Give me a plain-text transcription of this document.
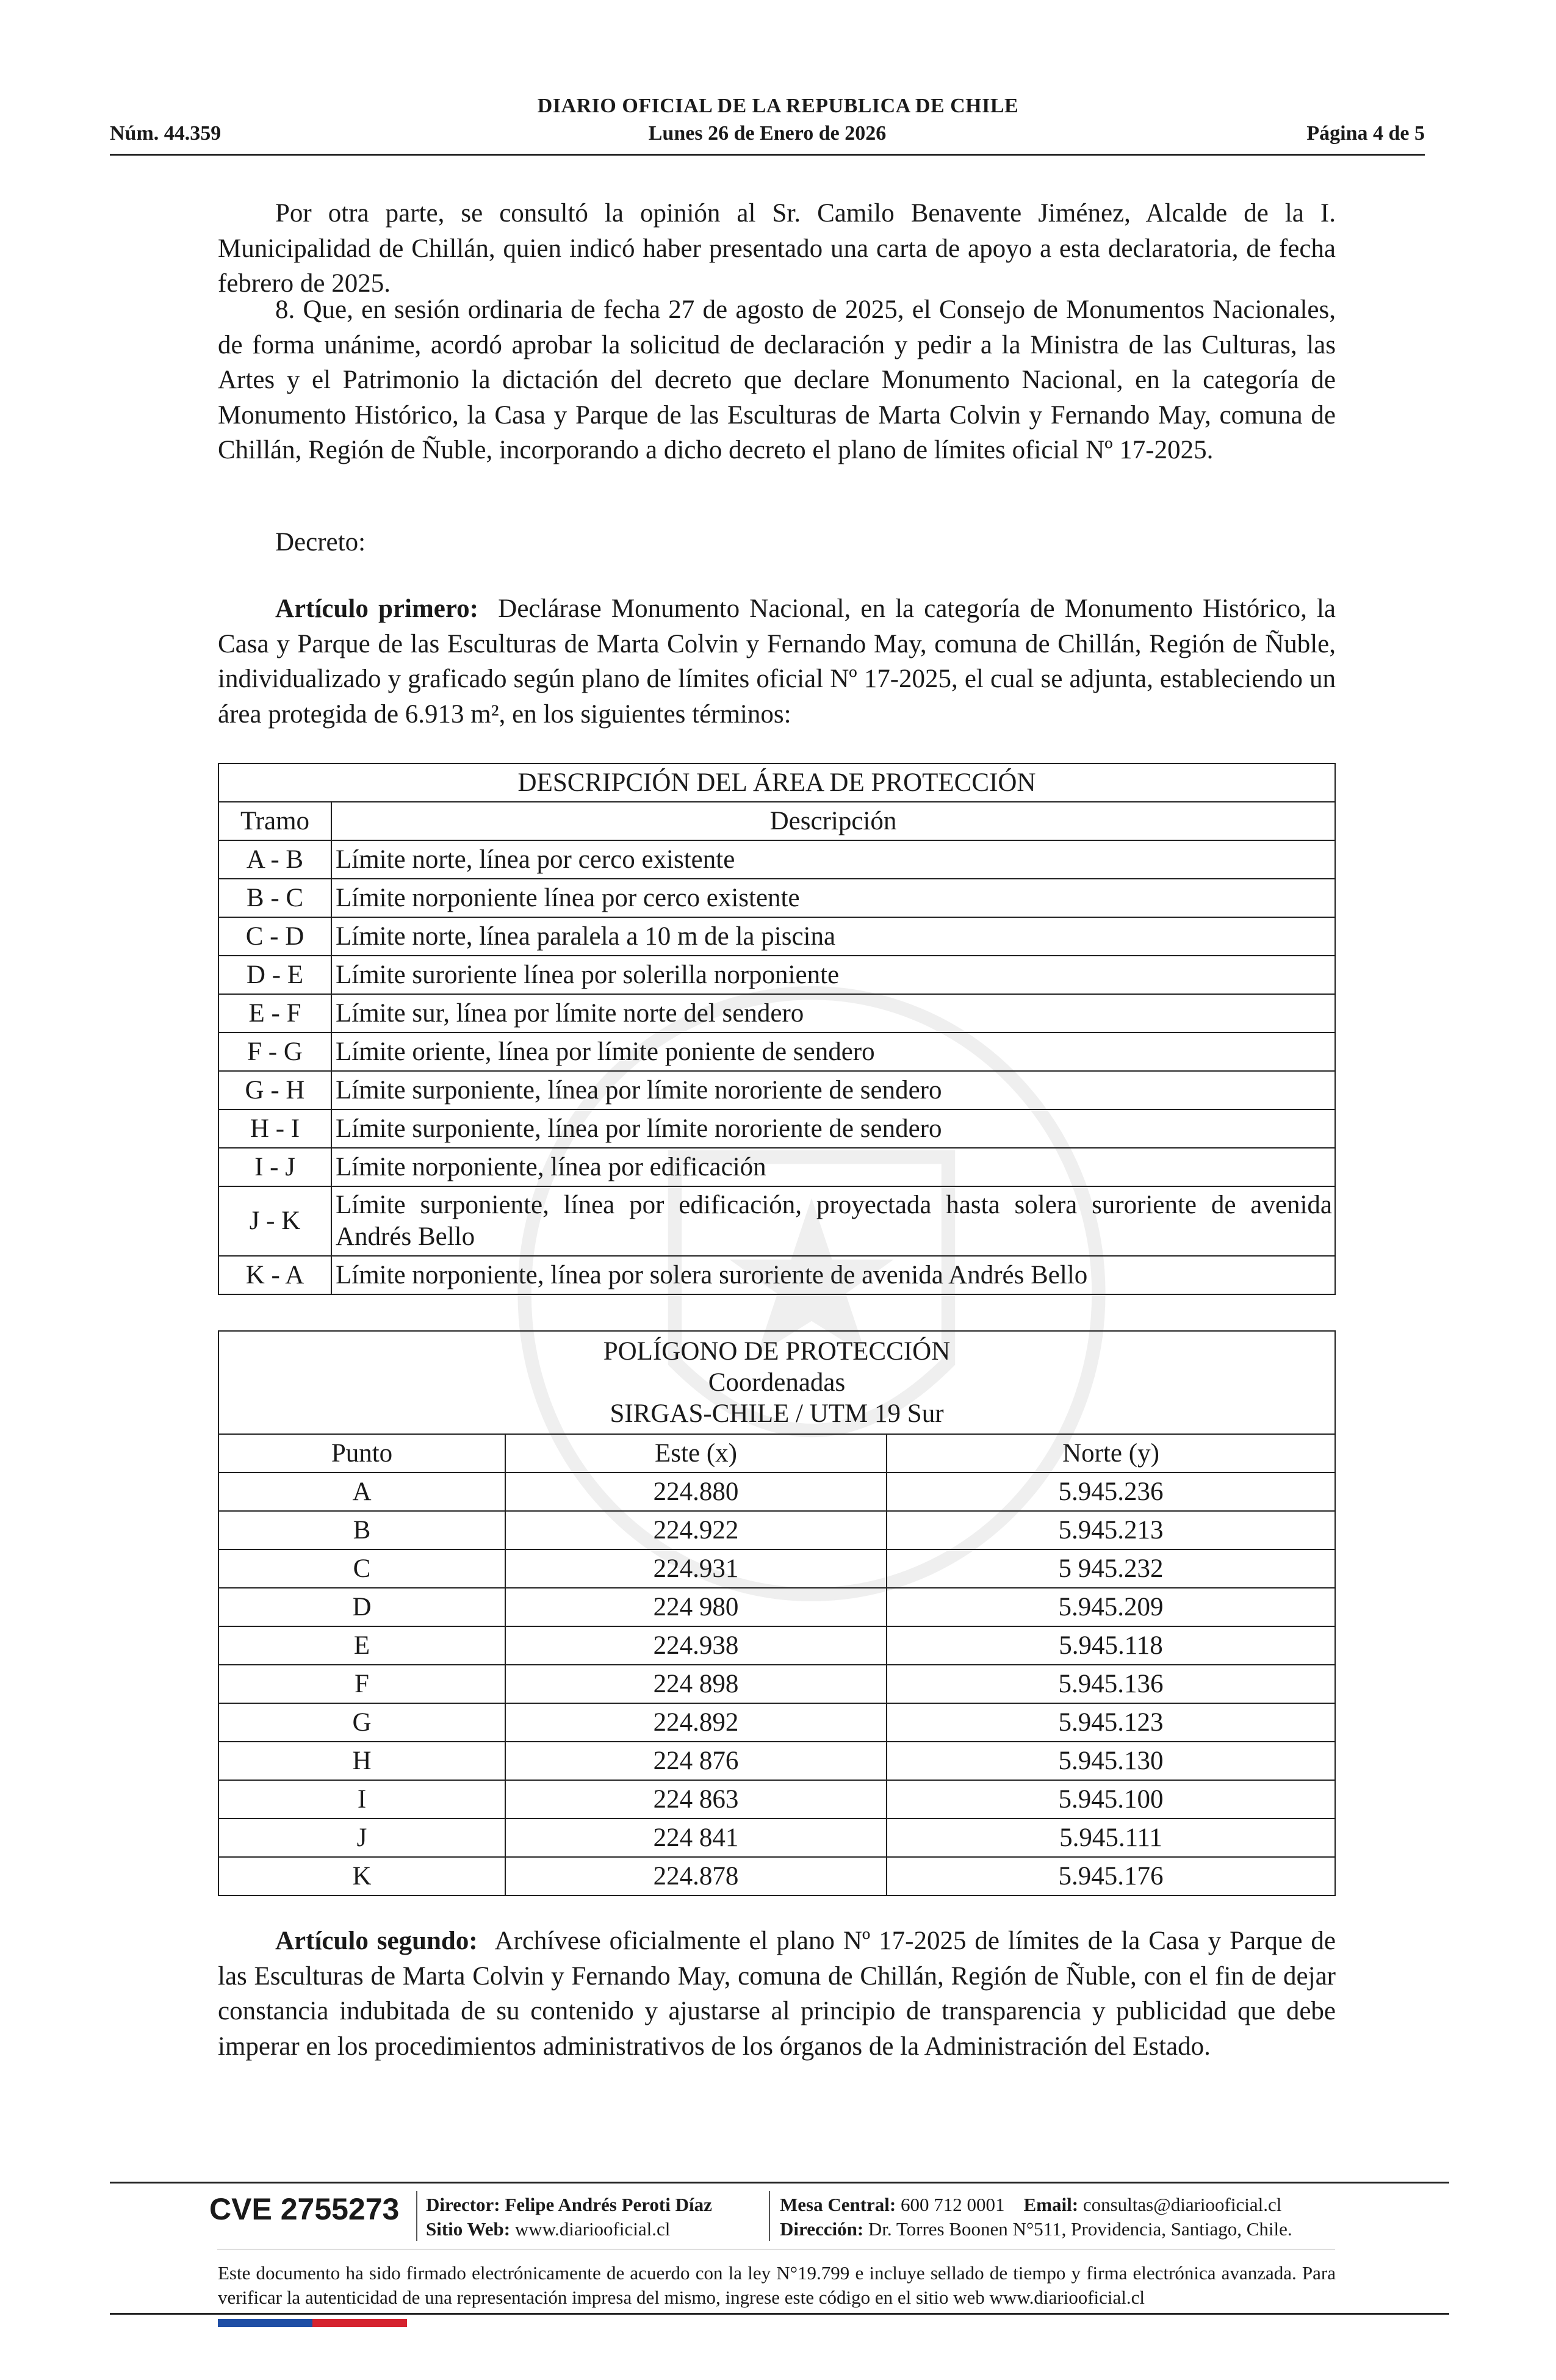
DIARIO OFICIAL DE LA REPUBLICA DE CHILE
Núm. 44.359	Lunes 26 de Enero de 2026	Página 4 de 5
Por otra parte, se consultó la opinión al Sr. Camilo Benavente Jiménez, Alcalde de la I. Municipalidad de Chillán, quien indicó haber presentado una carta de apoyo a esta declaratoria, de fecha febrero de 2025.
8. Que, en sesión ordinaria de fecha 27 de agosto de 2025, el Consejo de Monumentos Nacionales, de forma unánime, acordó aprobar la solicitud de declaración y pedir a la Ministra de las Culturas, las Artes y el Patrimonio la dictación del decreto que declare Monumento Nacional, en la categoría de Monumento Histórico, la Casa y Parque de las Esculturas de Marta Colvin y Fernando May, comuna de Chillán, Región de Ñuble, incorporando a dicho decreto el plano de límites oficial Nº 17-2025.
Decreto:
Artículo primero: Declárase Monumento Nacional, en la categoría de Monumento Histórico, la Casa y Parque de las Esculturas de Marta Colvin y Fernando May, comuna de Chillán, Región de Ñuble, individualizado y graficado según plano de límites oficial Nº 17-2025, el cual se adjunta, estableciendo un área protegida de 6.913 m², en los siguientes términos:
DESCRIPCIÓN DEL ÁREA DE PROTECCIÓN	
Tramo	Descripción
A - B	Límite norte, línea por cerco existente
B - C	Límite norponiente línea por cerco existente
C - D	Límite norte, línea paralela a 10 m de la piscina
D - E	Límite suroriente línea por solerilla norponiente
E - F	Límite sur, línea por límite norte del sendero
F - G	Límite oriente, línea por límite poniente de sendero
G - H	Límite surponiente, línea por límite nororiente de sendero
H - I	Límite surponiente, línea por límite nororiente de sendero
I - J	Límite norponiente, línea por edificación
J - K	Límite surponiente, línea por edificación, proyectada hasta solera suroriente de avenida Andrés Bello
K - A	Límite norponiente, línea por solera suroriente de avenida Andrés Bello
POLÍGONO DE PROTECCIÓN
Coordenadas
SIRGAS-CHILE / UTM 19 Sur		
Punto	Este (x)	Norte (y)
A	224.880	5.945.236
B	224.922	5.945.213
C	224.931	5 945.232
D	224 980	5.945.209
E	224.938	5.945.118
F	224 898	5.945.136
G	224.892	5.945.123
H	224 876	5.945.130
I	224 863	5.945.100
J	224 841	5.945.111
K	224.878	5.945.176
Artículo segundo: Archívese oficialmente el plano Nº 17-2025 de límites de la Casa y Parque de las Esculturas de Marta Colvin y Fernando May, comuna de Chillán, Región de Ñuble, con el fin de dejar constancia indubitada de su contenido y ajustarse al principio de transparencia y publicidad que debe imperar en los procedimientos administrativos de los órganos de la Administración del Estado.
CVE 2755273 Director: Felipe Andrés Peroti Díaz
Sitio Web: www.diariooficial.cl
Mesa Central: 600 712 0001 Email: consultas@diariooficial.cl
Dirección: Dr. Torres Boonen N°511, Providencia, Santiago, Chile.
Este documento ha sido firmado electrónicamente de acuerdo con la ley N°19.799 e incluye sellado de tiempo y firma electrónica avanzada. Para verificar la autenticidad de una representación impresa del mismo, ingrese este código en el sitio web www.diariooficial.cl
